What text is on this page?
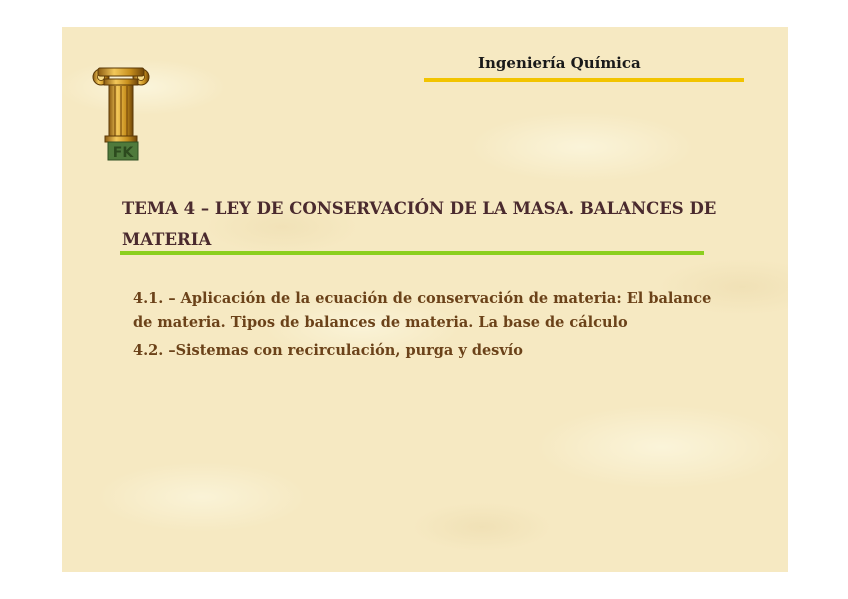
FK
Ingeniería Química
TEMA 4 – LEY DE CONSERVACIÓN DE LA MASA. BALANCES DE MATERIA
4.1. – Aplicación de la ecuación de conservación de materia: El balance de materia. Tipos de balances de materia. La base de cálculo
4.2. –Sistemas con recirculación, purga y desvío
